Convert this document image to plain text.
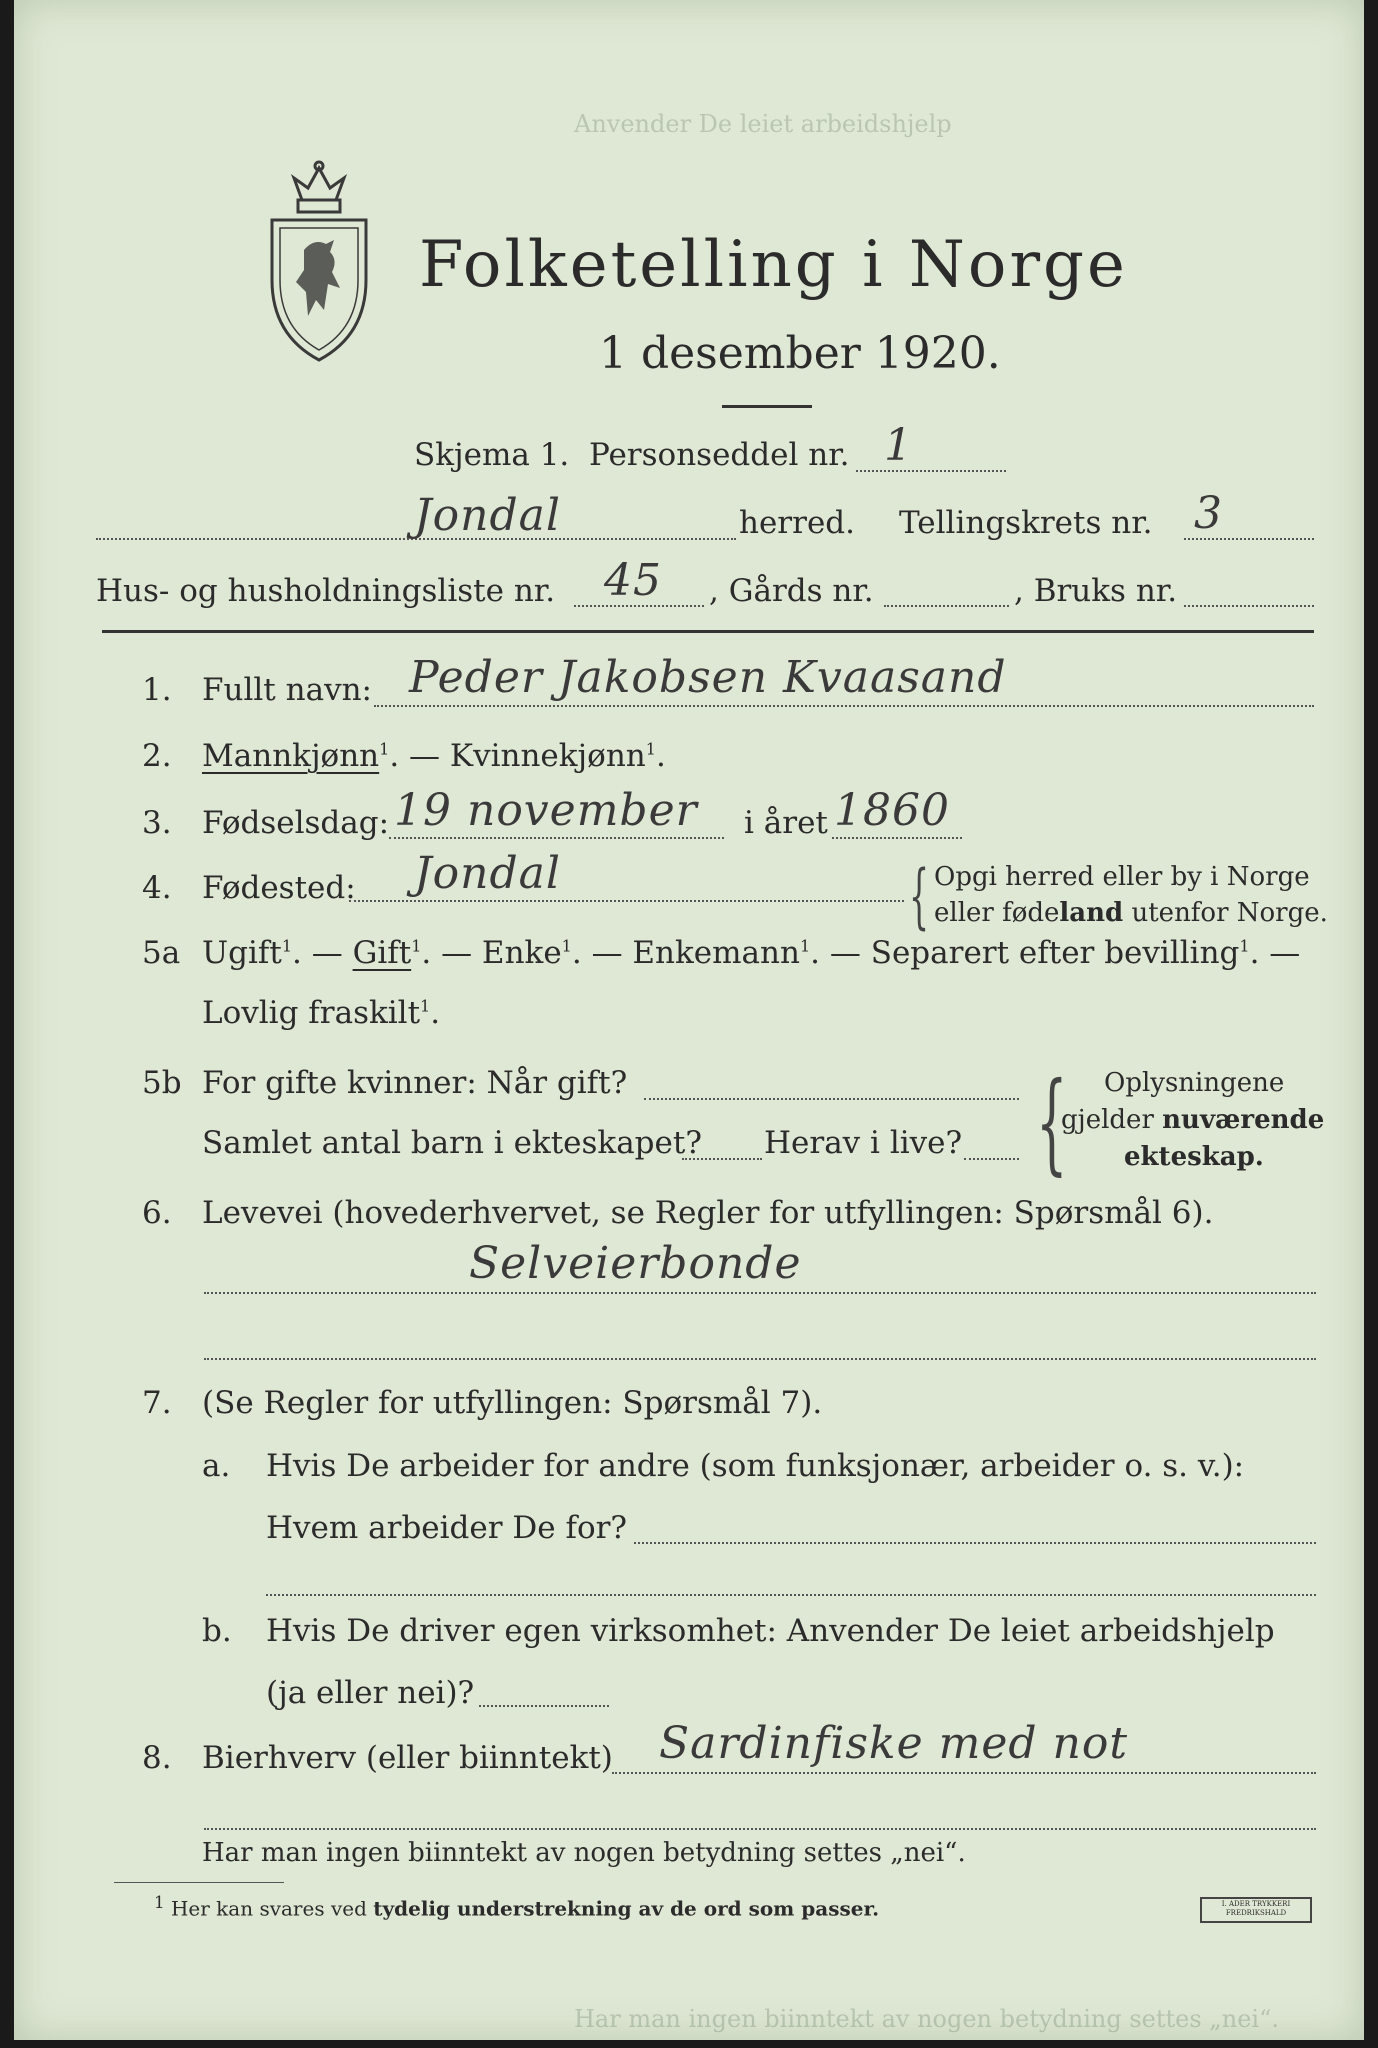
Anvender De leiet arbeidshjelp
Har man ingen biinntekt av nogen betydning settes „nei“.
Folketelling i Norge
1 desember 1920.
Skjema 1. Personseddel nr. 1
Jondal	herred. Tellingskrets nr. 3
Hus- og husholdningsliste nr. 45 , Gårds nr.	, Bruks nr.
1. Fullt navn: Peder Jakobsen Kvaasand
2. Mannkjønn$^1$. — Kvinnekjønn$^1$.
3. Fødselsdag: 19 november i året 1860
4. Fødested: Jondal	{ Opgi herred eller by i Norge
eller fødeland utenfor Norge.
5a Ugift$^1$. — Gift$^1$. — Enke$^1$. — Enkemann$^1$. — Separert efter bevilling$^1$. —
Lovlig fraskilt$^1$.
5b For gifte kvinner: Når gift?
Samlet antal barn i ekteskapet? Herav i live? { Oplysningene
gjelder nuværende
ekteskap.
6. Levevei (hovederhvervet, se Regler for utfyllingen: Spørsmål 6).
Selveierbonde
7. (Se Regler for utfyllingen: Spørsmål 7).
a. Hvis De arbeider for andre (som funksjonær, arbeider o. s. v.):
Hvem arbeider De for?
b. Hvis De driver egen virksomhet: Anvender De leiet arbeidshjelp
(ja eller nei)?
8. Bierhverv (eller biinntekt) Sardinfiske med not
Har man ingen biinntekt av nogen betydning settes „nei“.
$^1$ Her kan svares ved tydelig understrekning av de ord som passer.	I. ADER TRYKKERI FREDRIKSHALD
